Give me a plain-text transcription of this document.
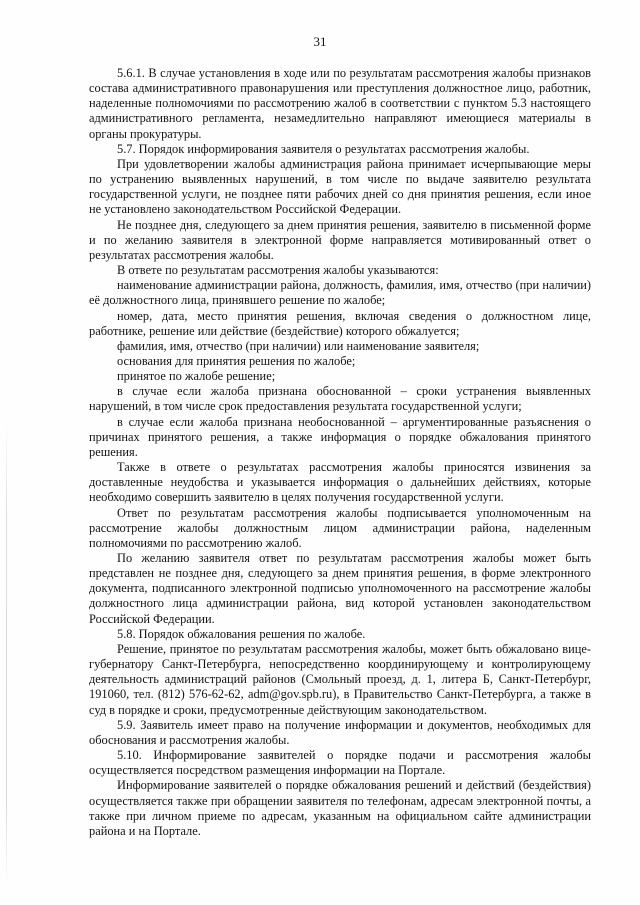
31

5.6.1. В случае установления в ходе или по результатам рассмотрения жалобы признаков состава административного правонарушения или преступления должностное лицо, работник, наделенные полномочиями по рассмотрению жалоб в соответствии с пунктом 5.3 настоящего административного регламента, незамедлительно направляют имеющиеся материалы в органы прокуратуры.

5.7. Порядок информирования заявителя о результатах рассмотрения жалобы.

При удовлетворении жалобы администрация района принимает исчерпывающие меры по устранению выявленных нарушений, в том числе по выдаче заявителю результата государственной услуги, не позднее пяти рабочих дней со дня принятия решения, если иное не установлено законодательством Российской Федерации.

Не позднее дня, следующего за днем принятия решения, заявителю в письменной форме и по желанию заявителя в электронной форме направляется мотивированный ответ о результатах рассмотрения жалобы.

В ответе по результатам рассмотрения жалобы указываются:

наименование администрации района, должность, фамилия, имя, отчество (при наличии) её должностного лица, принявшего решение по жалобе;

номер, дата, место принятия решения, включая сведения о должностном лице, работнике, решение или действие (бездействие) которого обжалуется;

фамилия, имя, отчество (при наличии) или наименование заявителя;

основания для принятия решения по жалобе;

принятое по жалобе решение;

в случае если жалоба признана обоснованной – сроки устранения выявленных нарушений, в том числе срок предоставления результата государственной услуги;

в случае если жалоба признана необоснованной – аргументированные разъяснения о причинах принятого решения, а также информация о порядке обжалования принятого решения.

Также в ответе о результатах рассмотрения жалобы приносятся извинения за доставленные неудобства и указывается информация о дальнейших действиях, которые необходимо совершить заявителю в целях получения государственной услуги.

Ответ по результатам рассмотрения жалобы подписывается уполномоченным на рассмотрение жалобы должностным лицом администрации района, наделенным полномочиями по рассмотрению жалоб.

По желанию заявителя ответ по результатам рассмотрения жалобы может быть представлен не позднее дня, следующего за днем принятия решения, в форме электронного документа, подписанного электронной подписью уполномоченного на рассмотрение жалобы должностного лица администрации района, вид которой установлен законодательством Российской Федерации.

5.8. Порядок обжалования решения по жалобе.

Решение, принятое по результатам рассмотрения жалобы, может быть обжаловано вице-губернатору Санкт-Петербурга, непосредственно координирующему и контролирующему деятельность администраций районов (Смольный проезд, д. 1, литера Б, Санкт-Петербург, 191060, тел. (812) 576-62-62, adm@gov.spb.ru), в Правительство Санкт-Петербурга, а также в суд в порядке и сроки, предусмотренные действующим законодательством.

5.9. Заявитель имеет право на получение информации и документов, необходимых для обоснования и рассмотрения жалобы.

5.10. Информирование заявителей о порядке подачи и рассмотрения жалобы осуществляется посредством размещения информации на Портале.

Информирование заявителей о порядке обжалования решений и действий (бездействия) осуществляется также при обращении заявителя по телефонам, адресам электронной почты, а также при личном приеме по адресам, указанным на официальном сайте администрации района и на Портале.
